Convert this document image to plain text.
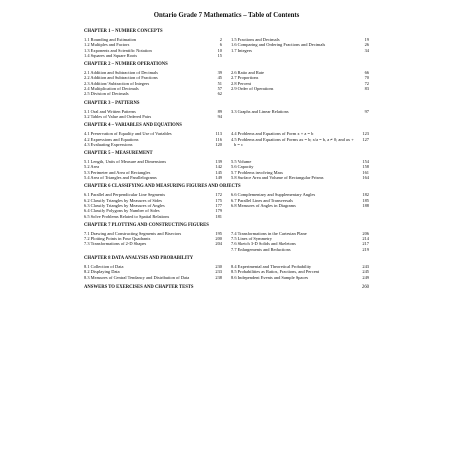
Ontario Grade 7 Mathematics – Table of Contents
CHAPTER 1 – NUMBER CONCEPTS
1.1 Rounding and Estimation	2
1.2 Multiples and Factors	6
1.3 Exponents and Scientific Notation	10
1.4 Squares and Square Roots	15
1.5 Fractions and Decimals	19
1.6 Comparing and Ordering Fractions and Decimals	26
1.7 Integers	34
CHAPTER 2 – NUMBER OPERATIONS
2.1 Addition and Subtraction of Decimals	39
2.2 Addition and Subtraction of Fractions	45
2.3 Addition/ Subtraction of Integers	51
2.4 Multiplication of Decimals	57
2.5 Division of Decimals	62
2.6 Ratio and Rate	66
2.7 Proportions	70
2.8 Percent	72
2.9 Order of Operations	83
CHAPTER 3 – PATTERNS
3.1 Oral and Written Patterns	89
3.2 Tables of Value and Ordered Pairs	94
3.3 Graphs and Linear Relations	97
CHAPTER 4 – VARIABLES AND EQUATIONS
4.1 Preservation of Equality and Use of Variables	113
4.2 Expressions and Equations	116
4.3 Evaluating Expressions	120
4.4 Problems and Equations of Form x + a = b	123
4.5 Problems and Equations of Forms ax = b; x/a = b, a ≠ 0; and ax + b = c
127
CHAPTER 5 – MEASUREMENT
5.1 Length, Units of Measure and Dimensions	139
5.2 Area	142
5.3 Perimeter and Area of Rectangles	145
5.4 Area of Triangles and Parallelograms	149
5.5 Volume	154
5.6 Capacity	158
5.7 Problems involving Mass	161
5.8 Surface Area and Volume of Rectangular Prisms	164
CHAPTER 6 CLASSIFYING AND MEASURING FIGURES AND OBJECTS
6.1 Parallel and Perpendicular Line Segments	172
6.2 Classify Triangles by Measures of Sides	175
6.3 Classify Triangles by Measures of Angles	177
6.4 Classify Polygons by Number of Sides	179
6.5 Solve Problems Related to Spatial Relations	181
6.6 Complementary and Supplementary Angles	182
6.7 Parallel Lines and Transversals	185
6.8 Measures of Angles in Diagrams	188
CHAPTER 7 PLOTTING AND CONSTRUCTING FIGURES
7.1 Drawing and Constructing Segments and Bisectors	195
7.2 Plotting Points in Four Quadrants	200
7.3 Transformations of 2-D Shapes	204
7.4 Transformations in the Cartesian Plane	206
7.5 Lines of Symmetry	214
7.6 Sketch 3-D Solids and Skeletons	217
7.7 Enlargements and Reductions	219
CHAPTER 8 DATA ANALYSIS AND PROBABILITY
8.1 Collection of Data	230
8.2 Displaying Data	233
8.3 Measures of Central Tendancy and Distribution of Data	238
8.4 Experimental and Theoretical Probability	243
8.5 Probabilities as Ratios, Fractions, and Percent	245
8.6 Independent Events and Sample Spaces	249
ANSWERS TO EXERCISES AND CHAPTER TESTS	260
